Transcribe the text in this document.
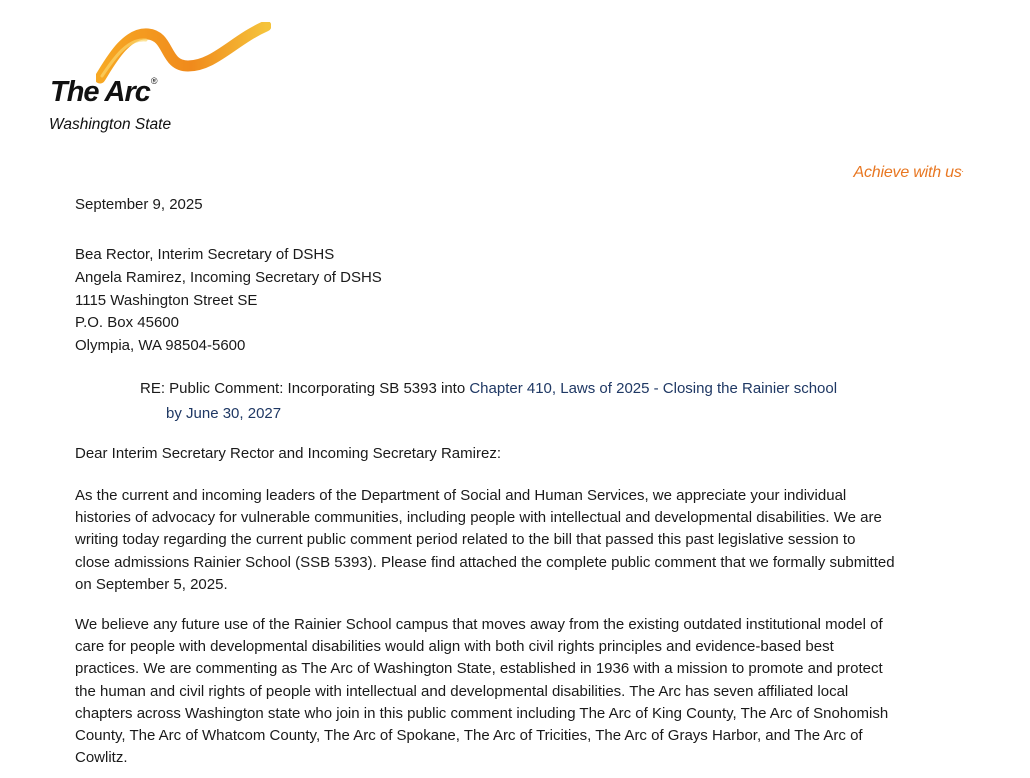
The Arc®
Washington State
Achieve with us.
September 9, 2025
Bea Rector, Interim Secretary of DSHS
Angela Ramirez, Incoming Secretary of DSHS
1115 Washington Street SE
P.O. Box 45600
Olympia, WA 98504-5600
RE: Public Comment: Incorporating SB 5393 into Chapter 410, Laws of 2025 - Closing the Rainier school
by June 30, 2027
Dear Interim Secretary Rector and Incoming Secretary Ramirez:
As the current and incoming leaders of the Department of Social and Human Services, we appreciate your individual
histories of advocacy for vulnerable communities, including people with intellectual and developmental disabilities. We are
writing today regarding the current public comment period related to the bill that passed this past legislative session to
close admissions Rainier School (SSB 5393). Please find attached the complete public comment that we formally submitted
on September 5, 2025.
We believe any future use of the Rainier School campus that moves away from the existing outdated institutional model of
care for people with developmental disabilities would align with both civil rights principles and evidence-based best
practices. We are commenting as The Arc of Washington State, established in 1936 with a mission to promote and protect
the human and civil rights of people with intellectual and developmental disabilities. The Arc has seven affiliated local
chapters across Washington state who join in this public comment including The Arc of King County, The Arc of Snohomish
County, The Arc of Whatcom County, The Arc of Spokane, The Arc of Tricities, The Arc of Grays Harbor, and The Arc of
Cowlitz.
